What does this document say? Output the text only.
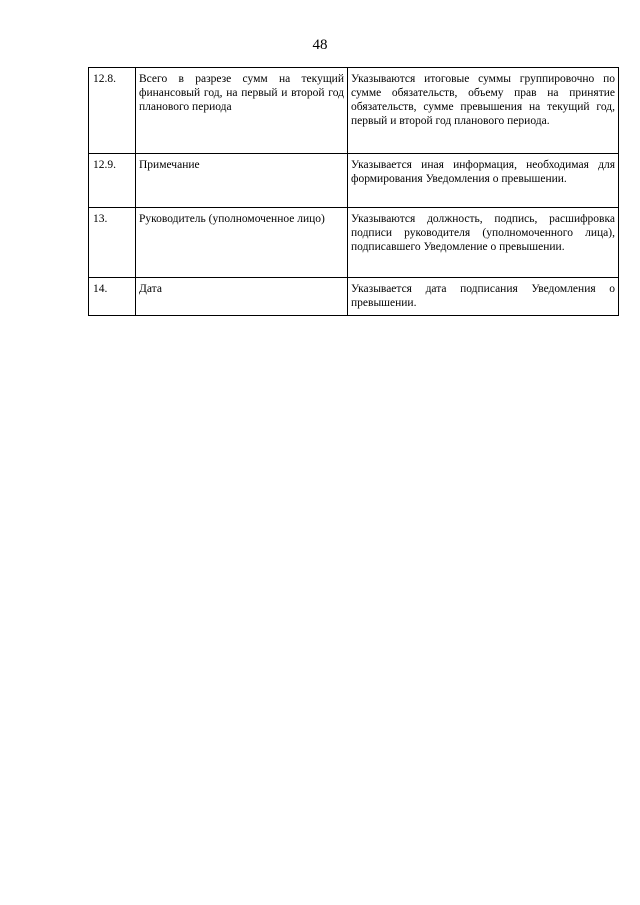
48
12.8.	Всего в разрезе сумм на текущий финансовый год, на первый и второй год планового периода	Указываются итоговые суммы группировочно по сумме обязательств, объему прав на принятие обязательств, сумме превышения на текущий год, первый и второй год планового периода.
12.9.	Примечание	Указывается иная информация, необходимая для формирования Уведомления о превышении.
13.	Руководитель (уполномоченное лицо)	Указываются должность, подпись, расшифровка подписи руководителя (уполномоченного лица), подписавшего Уведомление о превышении.
14.	Дата	Указывается дата подписания Уведомления о превышении.
